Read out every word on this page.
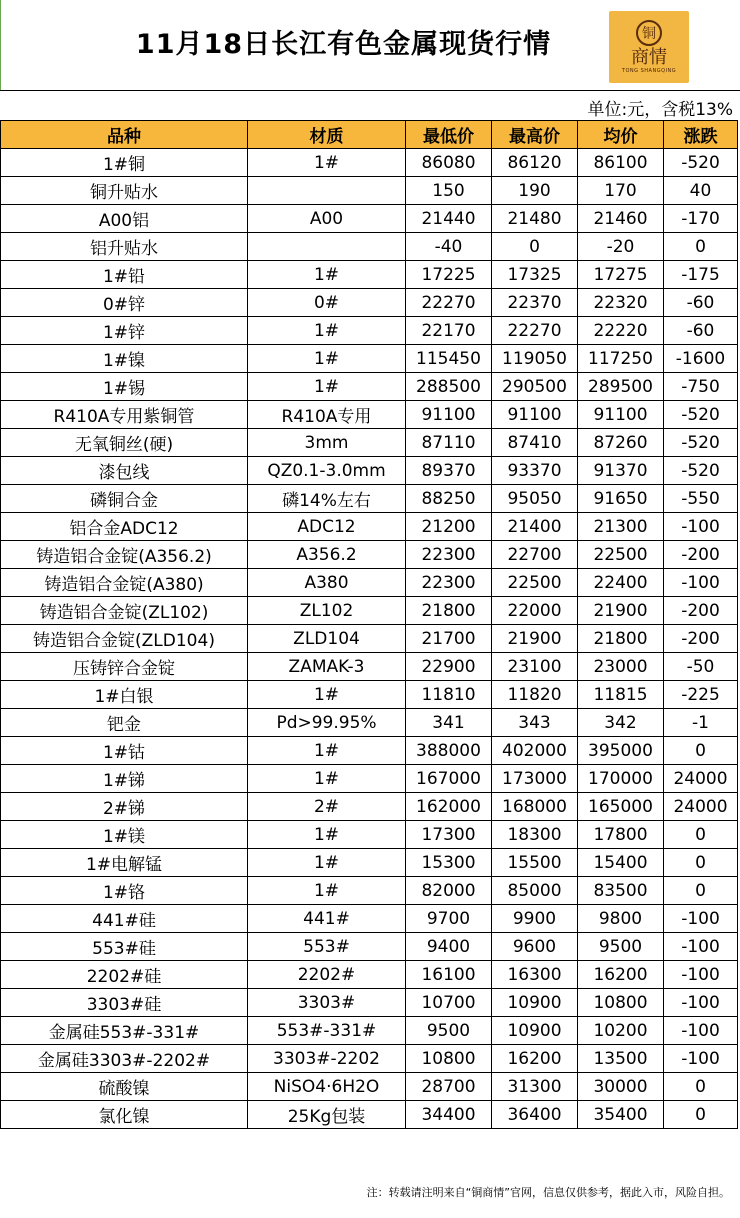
11月18日长江有色金属现货行情	铜
商情
TONG SHANGQING
单位:元，含税13%
品种	材质	最低价	最高价	均价	涨跌
1#铜	1#	86080	86120	86100	-520
铜升贴水		150	190	170	40
A00铝	A00	21440	21480	21460	-170
铝升贴水		-40	0	-20	0
1#铅	1#	17225	17325	17275	-175
0#锌	0#	22270	22370	22320	-60
1#锌	1#	22170	22270	22220	-60
1#镍	1#	115450	119050	117250	-1600
1#锡	1#	288500	290500	289500	-750
R410A专用紫铜管	R410A专用	91100	91100	91100	-520
无氧铜丝(硬)	3mm	87110	87410	87260	-520
漆包线	QZ0.1-3.0mm	89370	93370	91370	-520
磷铜合金	磷14%左右	88250	95050	91650	-550
铝合金ADC12	ADC12	21200	21400	21300	-100
铸造铝合金锭(A356.2)	A356.2	22300	22700	22500	-200
铸造铝合金锭(A380)	A380	22300	22500	22400	-100
铸造铝合金锭(ZL102)	ZL102	21800	22000	21900	-200
铸造铝合金锭(ZLD104)	ZLD104	21700	21900	21800	-200
压铸锌合金锭	ZAMAK-3	22900	23100	23000	-50
1#白银	1#	11810	11820	11815	-225
钯金	Pd>99.95%	341	343	342	-1
1#钴	1#	388000	402000	395000	0
1#锑	1#	167000	173000	170000	24000
2#锑	2#	162000	168000	165000	24000
1#镁	1#	17300	18300	17800	0
1#电解锰	1#	15300	15500	15400	0
1#铬	1#	82000	85000	83500	0
441#硅	441#	9700	9900	9800	-100
553#硅	553#	9400	9600	9500	-100
2202#硅	2202#	16100	16300	16200	-100
3303#硅	3303#	10700	10900	10800	-100
金属硅553#-331#	553#-331#	9500	10900	10200	-100
金属硅3303#-2202#	3303#-2202	10800	16200	13500	-100
硫酸镍	NiSO4·6H2O	28700	31300	30000	0
氯化镍	25Kg包装	34400	36400	35400	0
注：转载请注明来自“铜商情”官网，信息仅供参考，据此入市，风险自担。
